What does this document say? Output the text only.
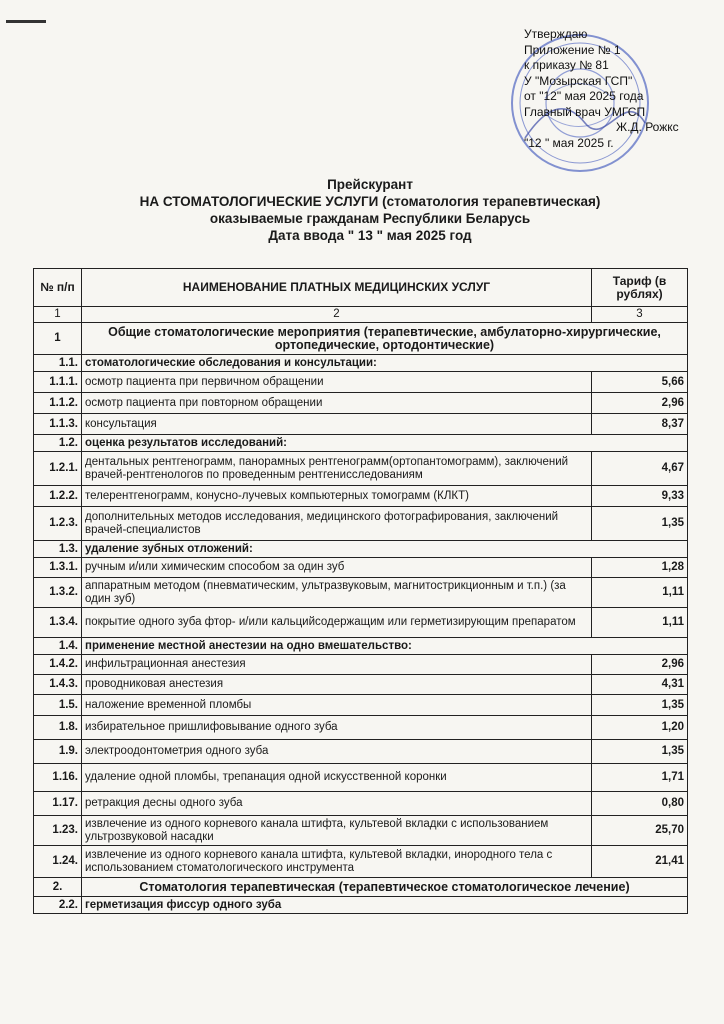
Утверждаю
Приложение № 1
к приказу № 81
У "Мозырская ГСП"
от "12" мая 2025 года
Главный врач УМГСП
Ж.Д. Рожкс
"12 " мая 2025 г.
Прейскурант
НА СТОМАТОЛОГИЧЕСКИЕ УСЛУГИ (стоматология терапевтическая)
оказываемые гражданам Республики Беларусь
Дата ввода " 13 " мая 2025 год
№ п/п	НАИМЕНОВАНИЕ ПЛАТНЫХ МЕДИЦИНСКИХ УСЛУГ	Тариф (в рублях)
1	2	3
1	Общие стоматологические мероприятия (терапевтические, амбулаторно-хирургические, ортопедические, ортодонтические)	
1.1.	стоматологические обследования и консультации:	
1.1.1.	осмотр пациента при первичном обращении	5,66
1.1.2.	осмотр пациента при повторном обращении	2,96
1.1.3.	консультация	8,37
1.2.	оценка результатов исследований:	
1.2.1.	дентальных рентгенограмм, панорамных рентгенограмм(ортопантомограмм), заключений врачей-рентгенологов по проведенным рентгенисследованиям	4,67
1.2.2.	телерентгенограмм, конусно-лучевых компьютерных томограмм (КЛКТ)	9,33
1.2.3.	дополнительных методов исследования, медицинского фотографирования, заключений врачей-специалистов	1,35
1.3.	удаление зубных отложений:	
1.3.1.	ручным и/или химическим способом за один зуб	1,28
1.3.2.	аппаратным методом (пневматическим, ультразвуковым, магнитострикционным и т.п.) (за один зуб)	1,11
1.3.4.	покрытие одного зуба фтор- и/или кальцийсодержащим или герметизирующим препаратом	1,11
1.4.	применение местной анестезии на одно вмешательство:	
1.4.2.	инфильтрационная анестезия	2,96
1.4.3.	проводниковая анестезия	4,31
1.5.	наложение временной пломбы	1,35
1.8.	избирательное пришлифовывание одного зуба	1,20
1.9.	электроодонтометрия одного зуба	1,35
1.16.	удаление одной пломбы, трепанация одной искусственной коронки	1,71
1.17.	ретракция десны одного зуба	0,80
1.23.	извлечение из одного корневого канала штифта, культевой вкладки с использованием ультрозвуковой насадки	25,70
1.24.	извлечение из одного корневого канала штифта, культевой вкладки, инородного тела с использованием стоматологического инструмента	21,41
2.	Стоматология терапевтическая (терапевтическое стоматологическое лечение)	
2.2.	герметизация фиссур одного зуба	
